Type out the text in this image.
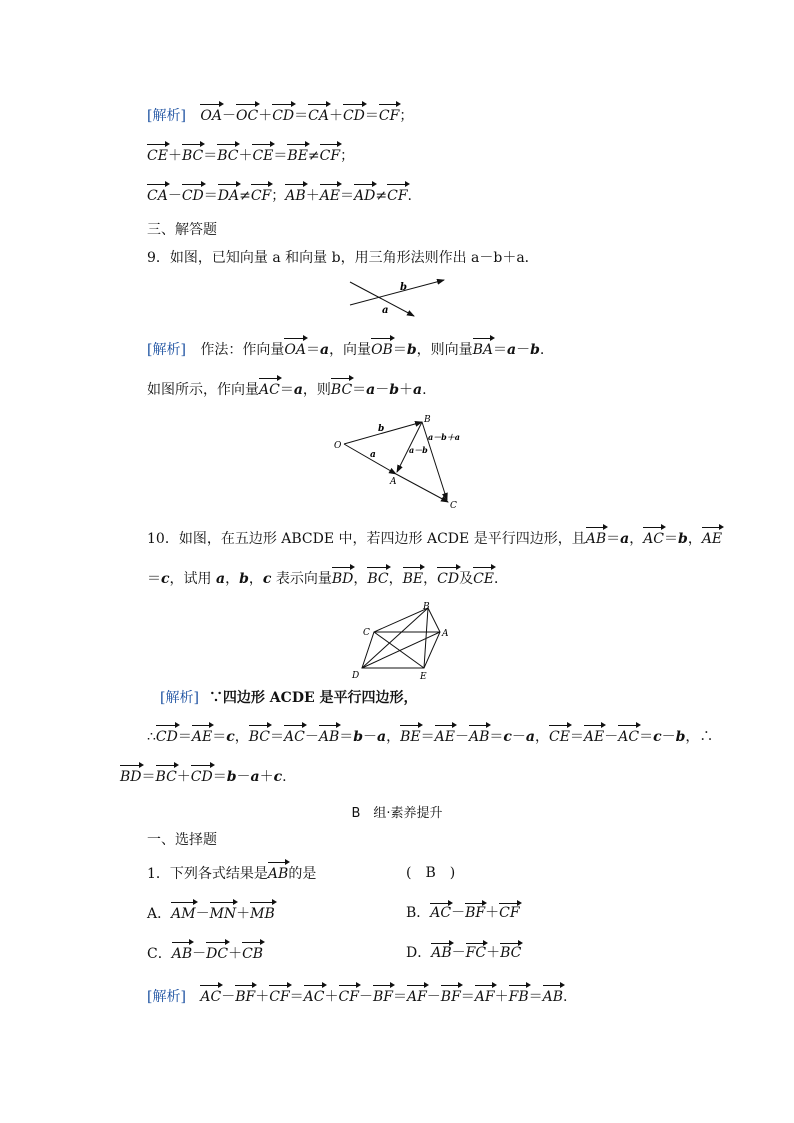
[解析] OA－OC＋CD＝CA＋CD＝CF；
CE＋BC＝BC＋CE＝BE≠CF；
CA－CD＝DA≠CF；AB＋AE＝AD≠CF.
三、解答题
9．如图，已知向量 a 和向量 b，用三角形法则作出 a－b＋a．
b
a
[解析] 作法：作向量OA＝a，向量OB＝b，则向量BA＝a－b.
如图所示，作向量AC＝a，则BC＝a－b＋a.
O
B
A
C
b
a	a－b
a－b＋a
10．如图，在五边形 ABCDE 中，若四边形 ACDE 是平行四边形，且AB＝a，AC＝b，AE
＝c，试用 a，b，c 表示向量BD，BC，BE，CD及CE．
B
C	A
D	E
[解析] ∵四边形 ACDE 是平行四边形，
∴CD＝AE＝c，BC＝AC－AB＝b－a，BE＝AE－AB＝c－a，CE＝AE－AC＝c－b，∴
BD＝BC＋CD＝b－a＋c.
B　组·素养提升
一、选择题
1．下列各式结果是AB的是	(　B　)
A．AM－MN＋MB	B．AC－BF＋CF
C．AB－DC＋CB	D．AB－FC＋BC
[解析] AC－BF＋CF＝AC＋CF－BF＝AF－BF＝AF＋FB＝AB.
